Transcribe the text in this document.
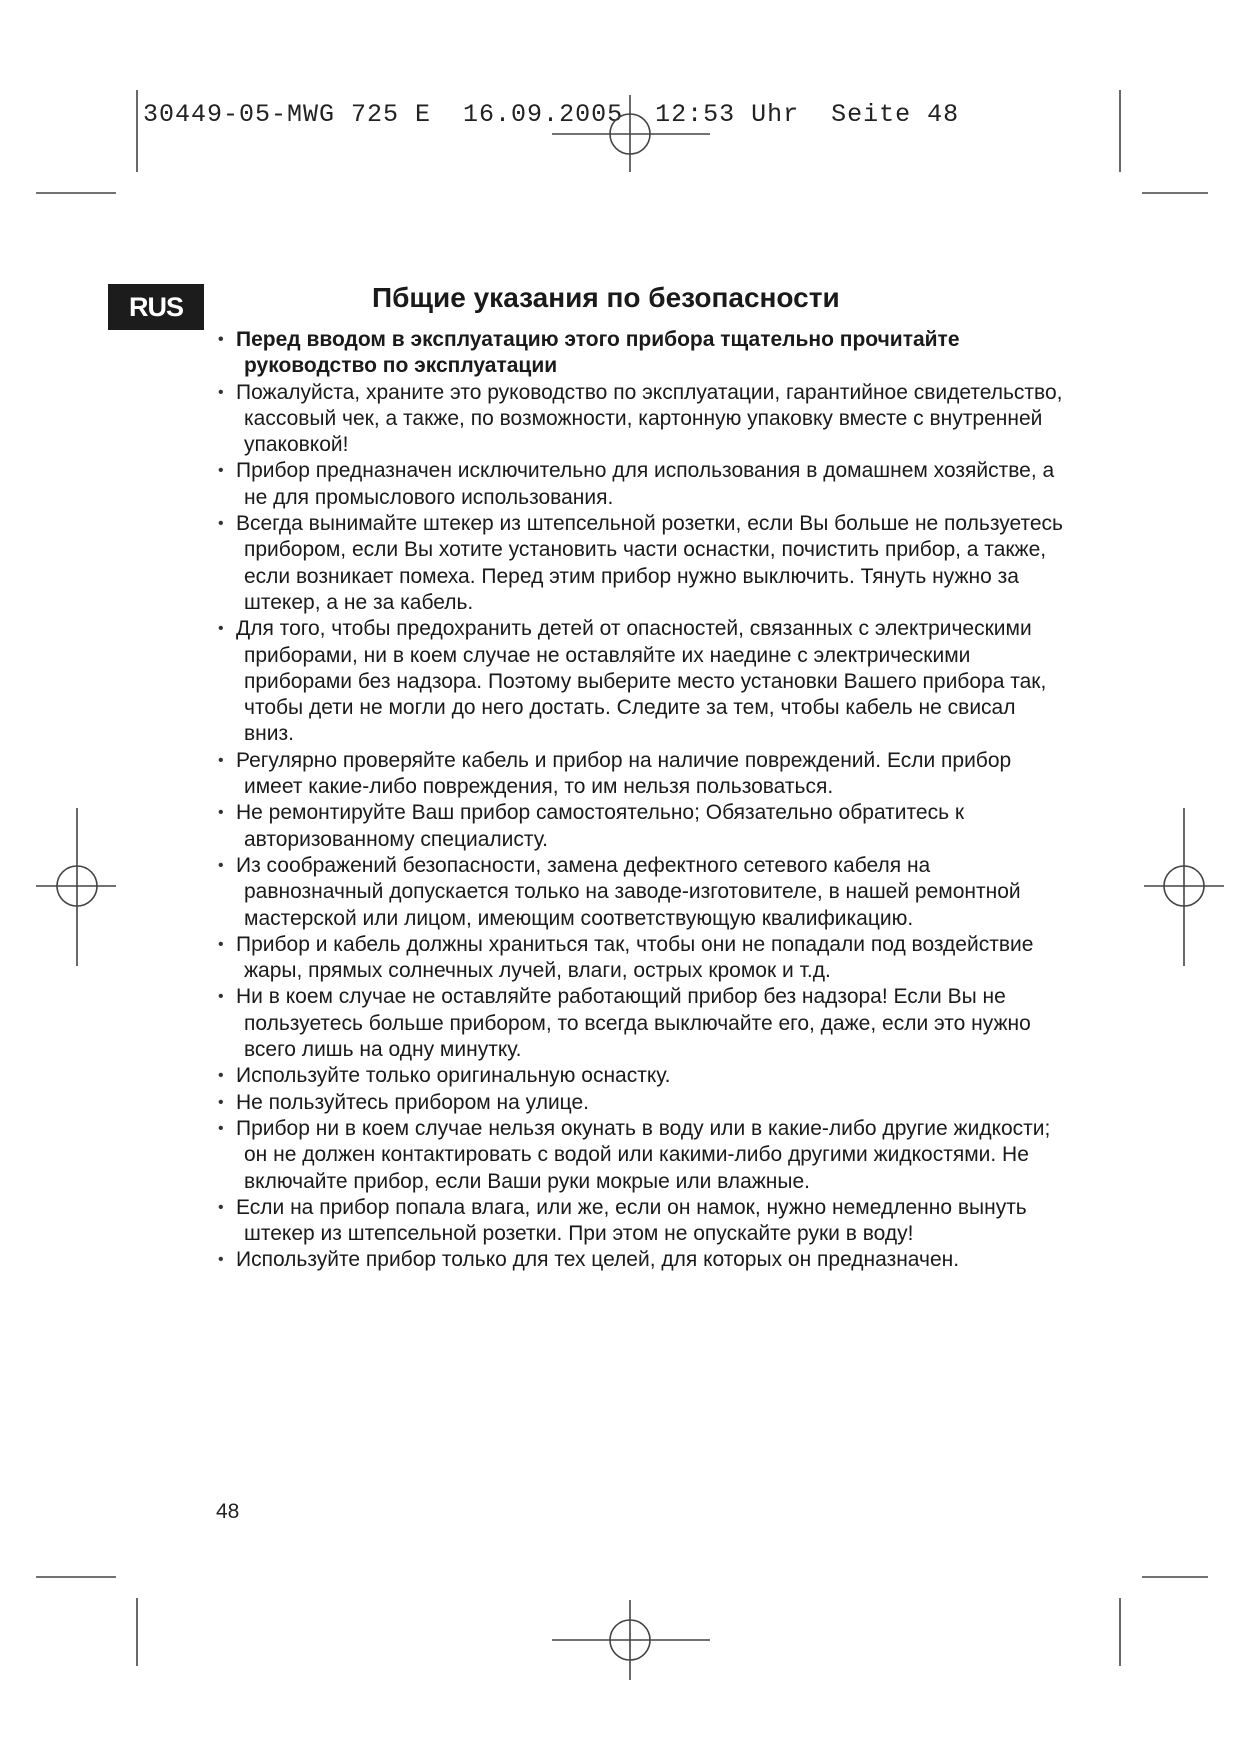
30449-05-MWG 725 E  16.09.2005  12:53 Uhr  Seite 48
RUS	Пбщие указания по безопасности
• Перед вводом в эксплуатацию этого прибора тщательно прочитайте руководство по эксплуатации
• Пожалуйста, храните это руководство по эксплуатации, гарантийное свидетельство, кассовый чек, а также, по возможности, картонную упаковку вместе с внутренней упаковкой!
• Прибор предназначен исключительно для использования в домашнем хозяйстве, а не для промыслового использования.
• Всегда вынимайте штекер из штепсельной розетки, если Вы больше не пользуетесь прибором, если Вы хотите установить части оснастки, почистить прибор, а также, если возникает помеха. Перед этим прибор нужно выключить. Тянуть нужно за штекер, а не за кабель.
• Для того, чтобы предохранить детей от опасностей, связанных с электрическими приборами, ни в коем случае не оставляйте их наедине с электрическими приборами без надзора. Поэтому выберите место установки Вашего прибора так, чтобы дети не могли до него достать. Следите за тем, чтобы кабель не свисал вниз.
• Регулярно проверяйте кабель и прибор на наличие повреждений. Если прибор имеет какие-либо повреждения, то им нельзя пользоваться.
• Не ремонтируйте Ваш прибор самостоятельно; Обязательно обратитесь к авторизованному специалисту.
• Из соображений безопасности, замена дефектного сетевого кабеля на равнозначный допускается только на заводе-изготовителе, в нашей ремонтной мастерской или лицом, имеющим соответствующую квалификацию.
• Прибор и кабель должны храниться так, чтобы они не попадали под воздействие жары, прямых солнечных лучей, влаги, острых кромок и т.д.
• Ни в коем случае не оставляйте работающий прибор без надзора! Если Вы не пользуетесь больше прибором, то всегда выключайте его, даже, если это нужно всего лишь на одну минутку.
• Используйте только оригинальную оснастку.
• Не пользуйтесь прибором на улице.
• Прибор ни в коем случае нельзя окунать в воду или в какие-либо другие жидкости; он не должен контактировать с водой или какими-либо другими жидкостями. Не включайте прибор, если Ваши руки мокрые или влажные.
• Если на прибор попала влага, или же, если он намок, нужно немедленно вынуть штекер из штепсельной розетки. При этом не опускайте руки в воду!
• Используйте прибор только для тех целей, для которых он предназначен.
48
